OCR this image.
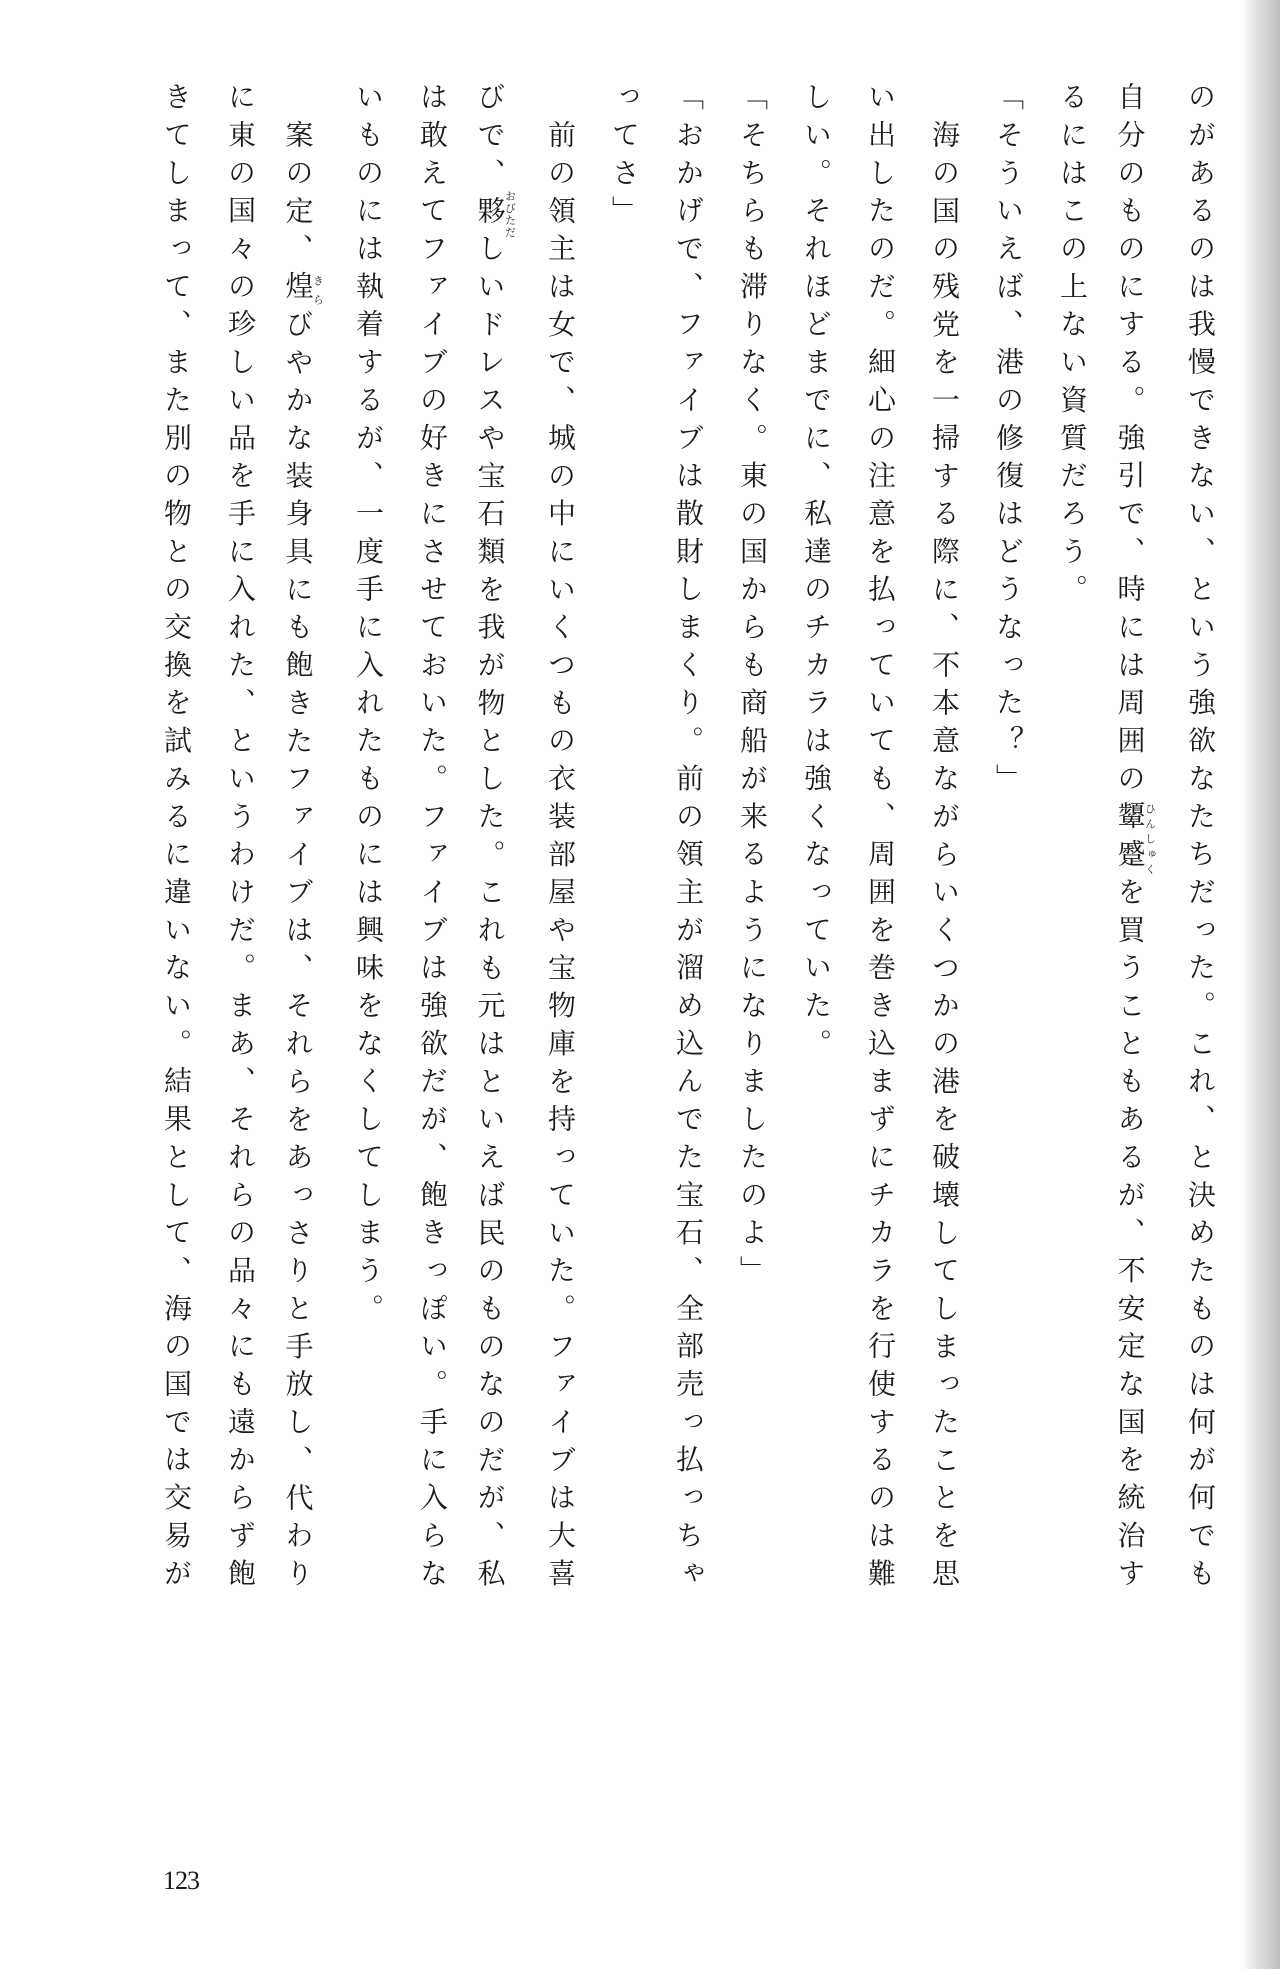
のがあるのは我慢できない、という強欲なたちだった。これ、と決めたものは何が何でも
自分のものにする。強引で、時には周囲の顰蹙ひんしゅくを買うこともあるが、不安定な国を統治す
るにはこの上ない資質だろう。
「そういえば、港の修復はどうなった？」
海の国の残党を一掃する際に、不本意ながらいくつかの港を破壊してしまったことを思
い出したのだ。細心の注意を払っていても、周囲を巻き込まずにチカラを行使するのは難
しい。それほどまでに、私達のチカラは強くなっていた。
「そちらも滞りなく。東の国からも商船が来るようになりましたのよ」
「おかげで、ファイブは散財しまくり。前の領主が溜め込んでた宝石、全部売っ払っちゃ
ってさ」
前の領主は女で、城の中にいくつもの衣装部屋や宝物庫を持っていた。ファイブは大喜
びで、夥おびただしいドレスや宝石類を我が物とした。これも元はといえば民のものなのだが、私
は敢えてファイブの好きにさせておいた。ファイブは強欲だが、飽きっぽい。手に入らな
いものには執着するが、一度手に入れたものには興味をなくしてしまう。
案の定、煌きらびやかな装身具にも飽きたファイブは、それらをあっさりと手放し、代わり
に東の国々の珍しい品を手に入れた、というわけだ。まあ、それらの品々にも遠からず飽
きてしまって、また別の物との交換を試みるに違いない。結果として、海の国では交易が
123
